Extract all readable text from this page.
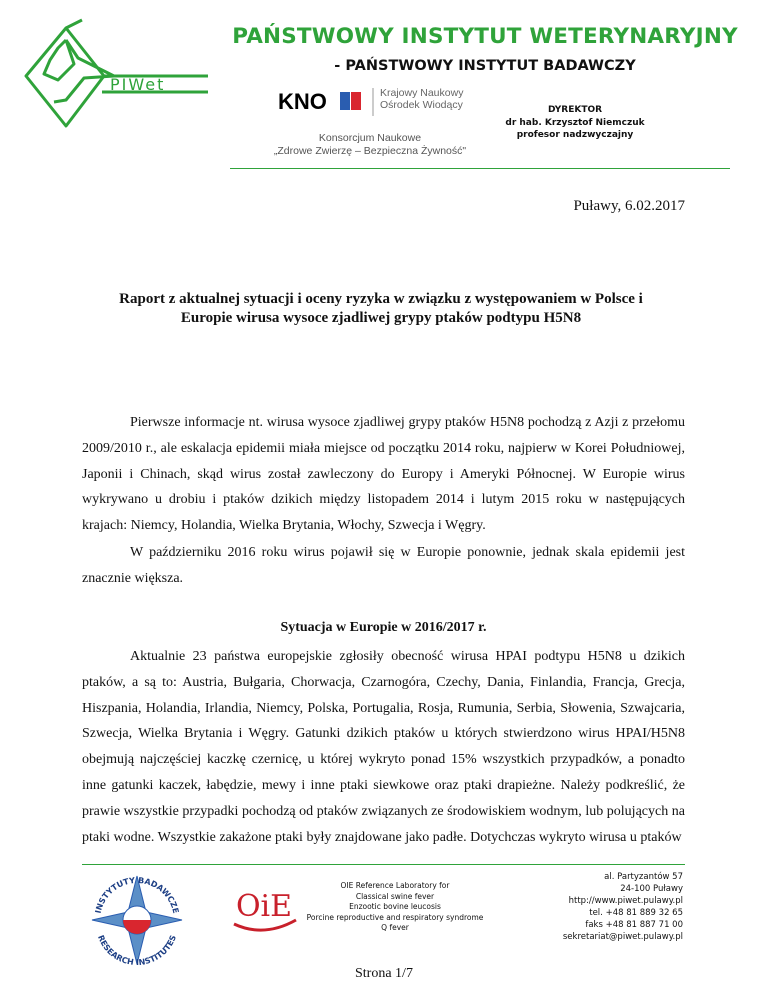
PIWet
PAŃSTWOWY INSTYTUT WETERYNARYJNY
- PAŃSTWOWY INSTYTUT BADAWCZY
KNO	Krajowy Naukowy
Ośrodek Wiodący
Konsorcjum Naukowe
„Zdrowe Zwierzę – Bezpieczna Żywność"
DYREKTOR
dr hab. Krzysztof Niemczuk
profesor nadzwyczajny
Puławy, 6.02.2017
Raport z aktualnej sytuacji i oceny ryzyka w związku z występowaniem w Polsce i
Europie wirusa wysoce zjadliwej grypy ptaków podtypu H5N8
Pierwsze informacje nt. wirusa wysoce zjadliwej grypy ptaków H5N8 pochodzą z Azji z przełomu 2009/2010 r., ale eskalacja epidemii miała miejsce od początku 2014 roku, najpierw w Korei Południowej, Japonii i Chinach, skąd wirus został zawleczony do Europy i Ameryki Północnej. W Europie wirus wykrywano u drobiu i ptaków dzikich między listopadem 2014 i lutym 2015 roku w następujących krajach: Niemcy, Holandia, Wielka Brytania, Włochy, Szwecja i Węgry.
W październiku 2016 roku wirus pojawił się w Europie ponownie, jednak skala epidemii jest znacznie większa.
Sytuacja w Europie w 2016/2017 r.
Aktualnie 23 państwa europejskie zgłosiły obecność wirusa HPAI podtypu H5N8 u dzikich ptaków, a są to: Austria, Bułgaria, Chorwacja, Czarnogóra, Czechy, Dania, Finlandia, Francja, Grecja, Hiszpania, Holandia, Irlandia, Niemcy, Polska, Portugalia, Rosja, Rumunia, Serbia, Słowenia, Szwajcaria, Szwecja, Wielka Brytania i Węgry. Gatunki dzikich ptaków u których stwierdzono wirus HPAI/H5N8 obejmują najczęściej kaczkę czernicę, u której wykryto ponad 15% wszystkich przypadków, a ponadto inne gatunki kaczek, łabędzie, mewy i inne ptaki siewkowe oraz ptaki drapieżne. Należy podkreślić, że prawie wszystkie przypadki pochodzą od ptaków związanych ze środowiskiem wodnym, lub polujących na ptaki wodne. Wszystkie zakażone ptaki były znajdowane jako padłe. Dotychczas wykryto wirusa u ptaków
INSTYTUTY BADAWCZE
RESEARCH INSTITUTES
OiE
OIE Reference Laboratory for
Classical swine fever
Enzootic bovine leucosis
Porcine reproductive and respiratory syndrome
Q fever
al. Partyzantów 57
24-100 Puławy
http://www.piwet.pulawy.pl
tel. +48 81 889 32 65
faks +48 81 887 71 00
sekretariat@piwet.pulawy.pl
Strona 1/7
